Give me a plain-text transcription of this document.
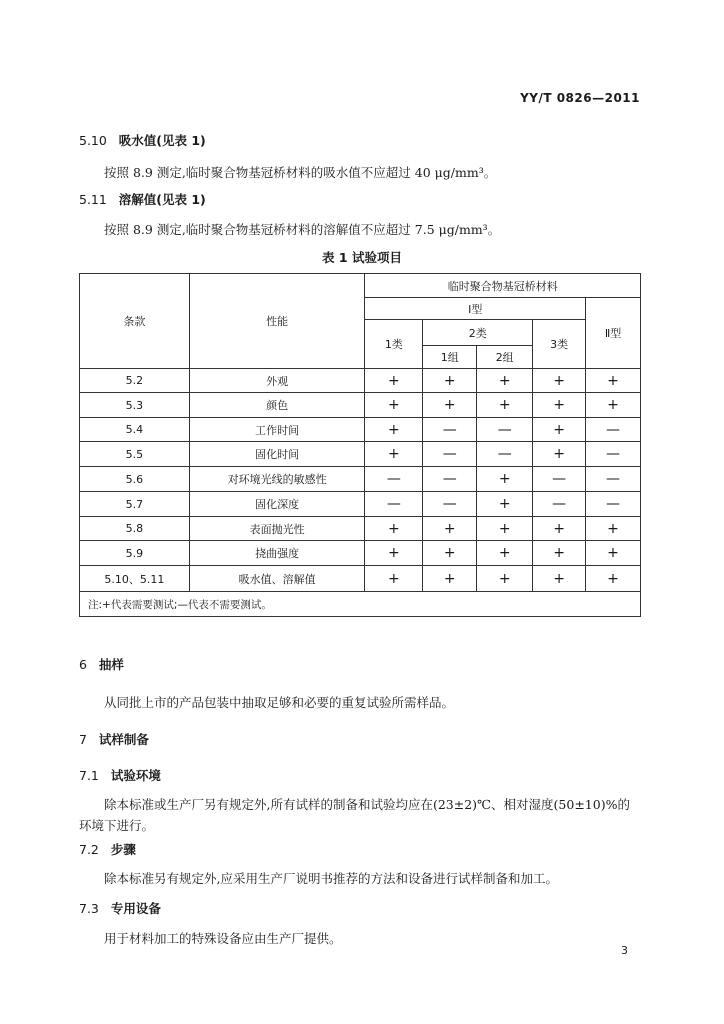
YY/T 0826—2011
5.10 吸水值(见表 1)
按照 8.9 测定,临时聚合物基冠桥材料的吸水值不应超过 40 μg/mm³。
5.11 溶解值(见表 1)
按照 8.9 测定,临时聚合物基冠桥材料的溶解值不应超过 7.5 μg/mm³。
表 1 试验项目
条款	性能	临时聚合物基冠桥材料				
		Ⅰ型				Ⅱ型
		1类	2类		3类	
			1组	2组		
5.2	外观	+	+	+	+	+
5.3	颜色	+	+	+	+	+
5.4	工作时间	+	—	—	+	—
5.5	固化时间	+	—	—	+	—
5.6	对环境光线的敏感性	—	—	+	—	—
5.7	固化深度	—	—	+	—	—
5.8	表面抛光性	+	+	+	+	+
5.9	挠曲强度	+	+	+	+	+
5.10、5.11	吸水值、溶解值	+	+	+	+	+
注:+代表需要测试;—代表不需要测试。						
6 抽样
从同批上市的产品包装中抽取足够和必要的重复试验所需样品。
7 试样制备
7.1 试验环境
除本标准或生产厂另有规定外,所有试样的制备和试验均应在(23±2)℃、相对湿度(50±10)%的
环境下进行。
7.2 步骤
除本标准另有规定外,应采用生产厂说明书推荐的方法和设备进行试样制备和加工。
7.3 专用设备
用于材料加工的特殊设备应由生产厂提供。
3
